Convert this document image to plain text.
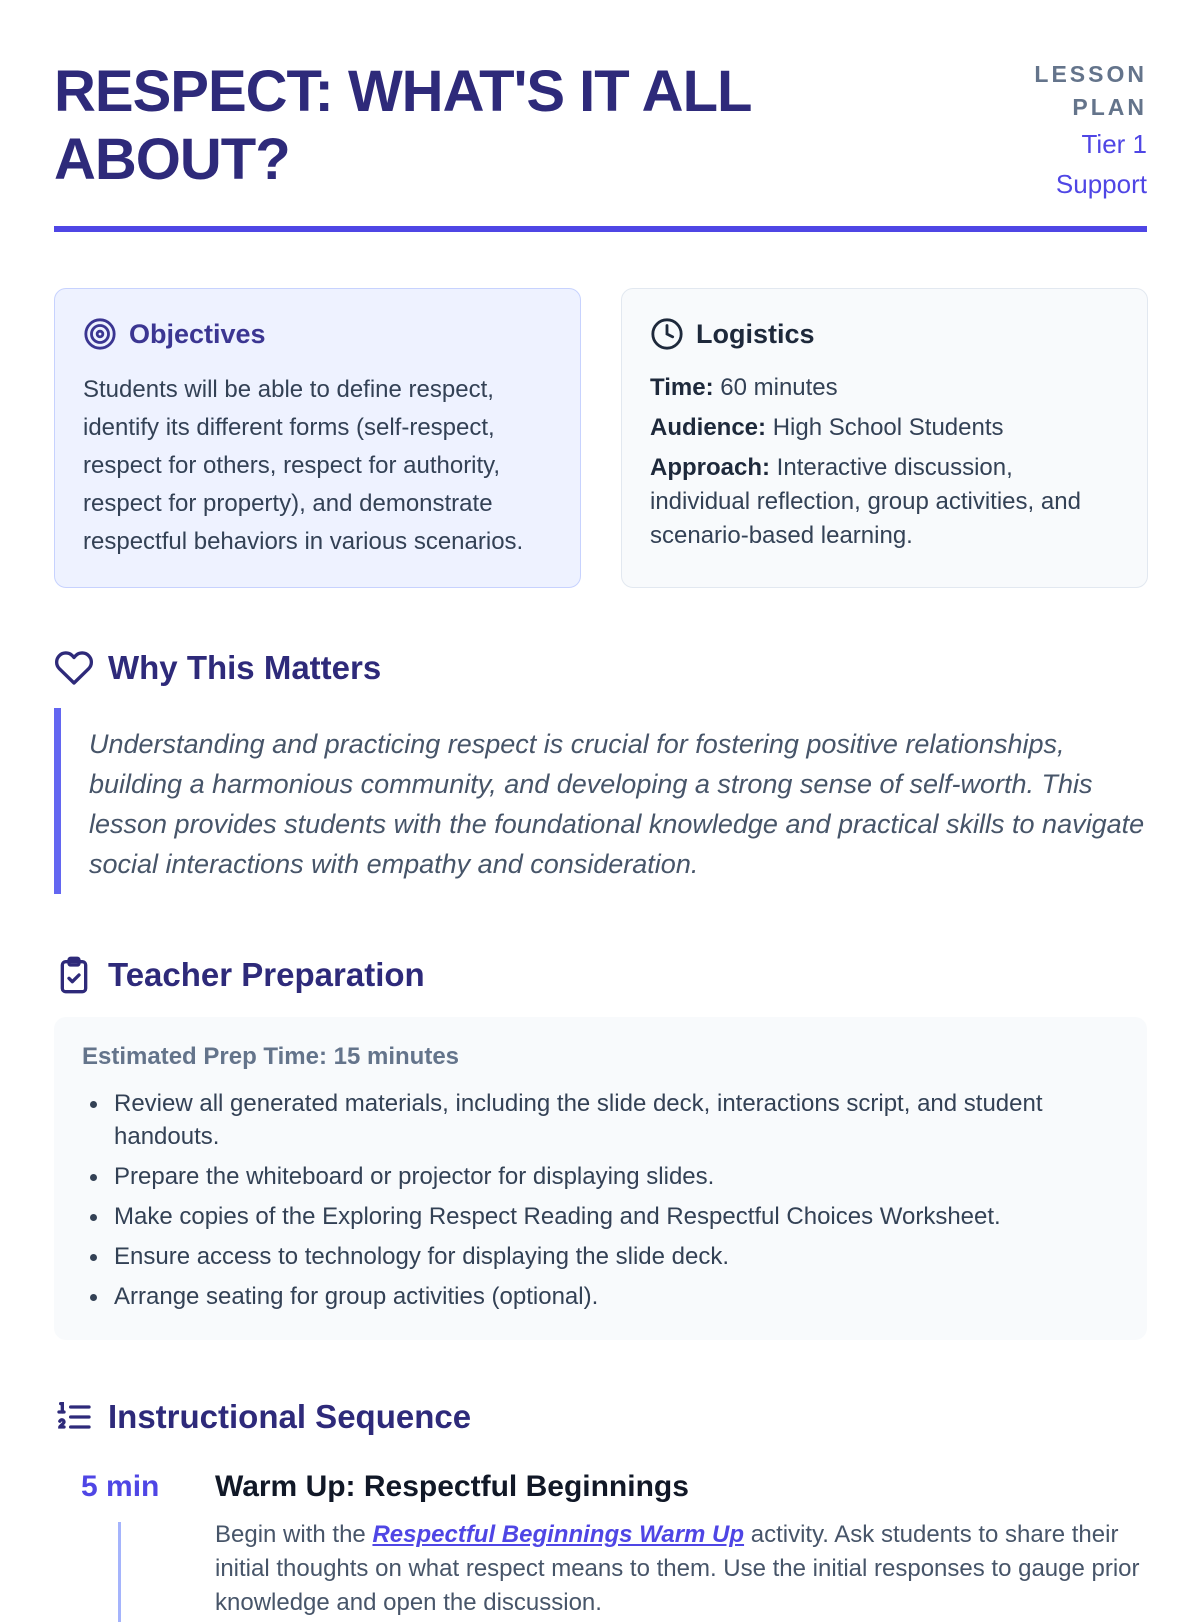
RESPECT: WHAT'S IT ALL ABOUT?
LESSON PLAN
Tier 1 Support
Objectives

Students will be able to define respect, identify its different forms (self-respect, respect for others, respect for authority, respect for property), and demonstrate respectful behaviors in various scenarios.

Logistics

Time: 60 minutes

Audience: High School Students

Approach: Interactive discussion, individual reflection, group activities, and scenario-based learning.

Why This Matters
Understanding and practicing respect is crucial for fostering positive relationships, building a harmonious community, and developing a strong sense of self-worth. This lesson provides students with the foundational knowledge and practical skills to navigate social interactions with empathy and consideration.
Teacher Preparation
Estimated Prep Time: 15 minutes
Review all generated materials, including the slide deck, interactions script, and student handouts.
Prepare the whiteboard or projector for displaying slides.
Make copies of the Exploring Respect Reading and Respectful Choices Worksheet.
Ensure access to technology for displaying the slide deck.
Arrange seating for group activities (optional).
Instructional Sequence
5 min Warm Up: Respectful Beginnings

Begin with the Respectful Beginnings Warm Up activity. Ask students to share their initial thoughts on what respect means to them. Use the initial responses to gauge prior knowledge and open the discussion.
